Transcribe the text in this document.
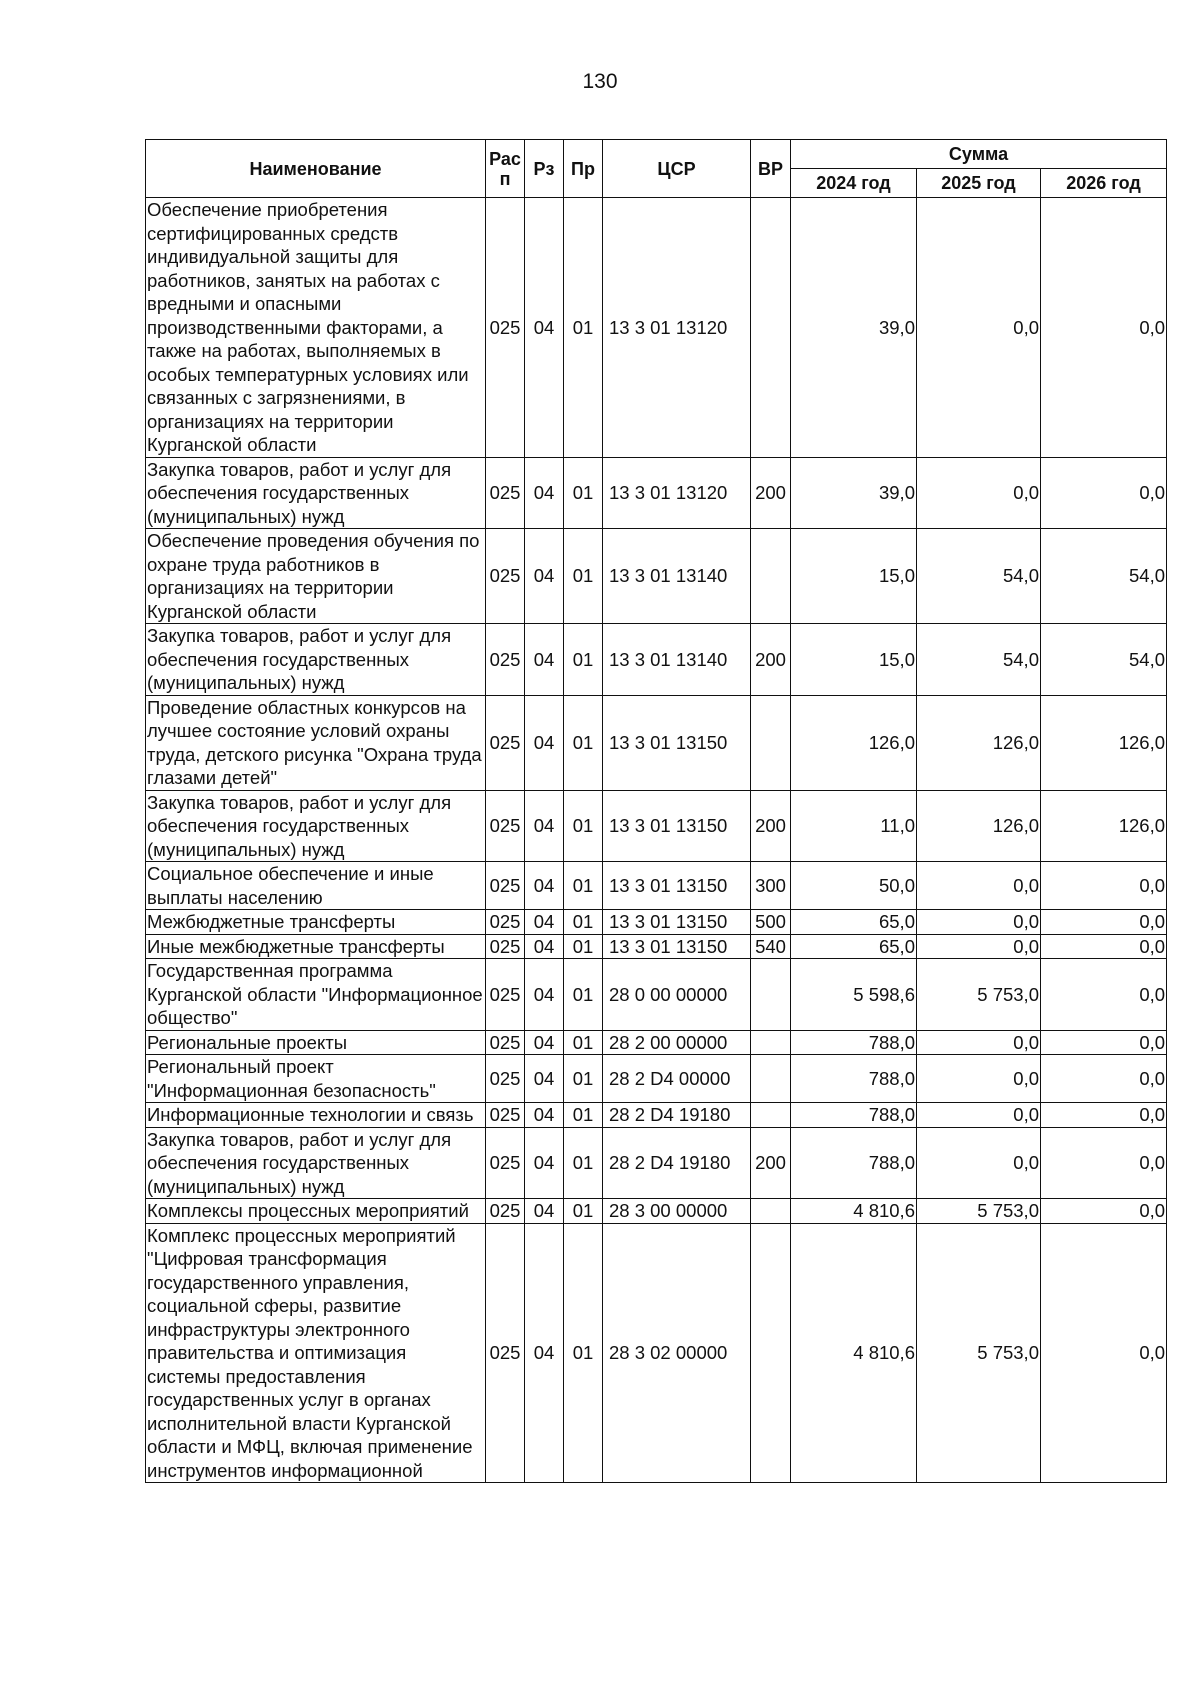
130
Наименование	Рас п	Рз	Пр	ЦСР	ВР	Сумма		
						2024 год	2025 год	2026 год
Обеспечение приобретения сертифицированных средств индивидуальной защиты для работников, занятых на работах с вредными и опасными производственными факторами, а также на работах, выполняемых в особых температурных условиях или связанных с загрязнениями, в организациях на территории Курганской области	025	04	01	13 3 01 13120		39,0	0,0	0,0
Закупка товаров, работ и услуг для обеспечения государственных (муниципальных) нужд	025	04	01	13 3 01 13120	200	39,0	0,0	0,0
Обеспечение проведения обучения по охране труда работников в организациях на территории Курганской области	025	04	01	13 3 01 13140		15,0	54,0	54,0
Закупка товаров, работ и услуг для обеспечения государственных (муниципальных) нужд	025	04	01	13 3 01 13140	200	15,0	54,0	54,0
Проведение областных конкурсов на лучшее состояние условий охраны труда, детского рисунка "Охрана труда глазами детей"	025	04	01	13 3 01 13150		126,0	126,0	126,0
Закупка товаров, работ и услуг для обеспечения государственных (муниципальных) нужд	025	04	01	13 3 01 13150	200	11,0	126,0	126,0
Социальное обеспечение и иные выплаты населению	025	04	01	13 3 01 13150	300	50,0	0,0	0,0
Межбюджетные трансферты	025	04	01	13 3 01 13150	500	65,0	0,0	0,0
Иные межбюджетные трансферты	025	04	01	13 3 01 13150	540	65,0	0,0	0,0
Государственная программа Курганской области "Информационное общество"	025	04	01	28 0 00 00000		5 598,6	5 753,0	0,0
Региональные проекты	025	04	01	28 2 00 00000		788,0	0,0	0,0
Региональный проект "Информационная безопасность"	025	04	01	28 2 D4 00000		788,0	0,0	0,0
Информационные технологии и связь	025	04	01	28 2 D4 19180		788,0	0,0	0,0
Закупка товаров, работ и услуг для обеспечения государственных (муниципальных) нужд	025	04	01	28 2 D4 19180	200	788,0	0,0	0,0
Комплексы процессных мероприятий	025	04	01	28 3 00 00000		4 810,6	5 753,0	0,0
Комплекс процессных мероприятий "Цифровая трансформация государственного управления, социальной сферы, развитие инфраструктуры электронного правительства и оптимизация системы предоставления государственных услуг в органах исполнительной власти Курганской области и МФЦ, включая применение инструментов информационной	025	04	01	28 3 02 00000		4 810,6	5 753,0	0,0
